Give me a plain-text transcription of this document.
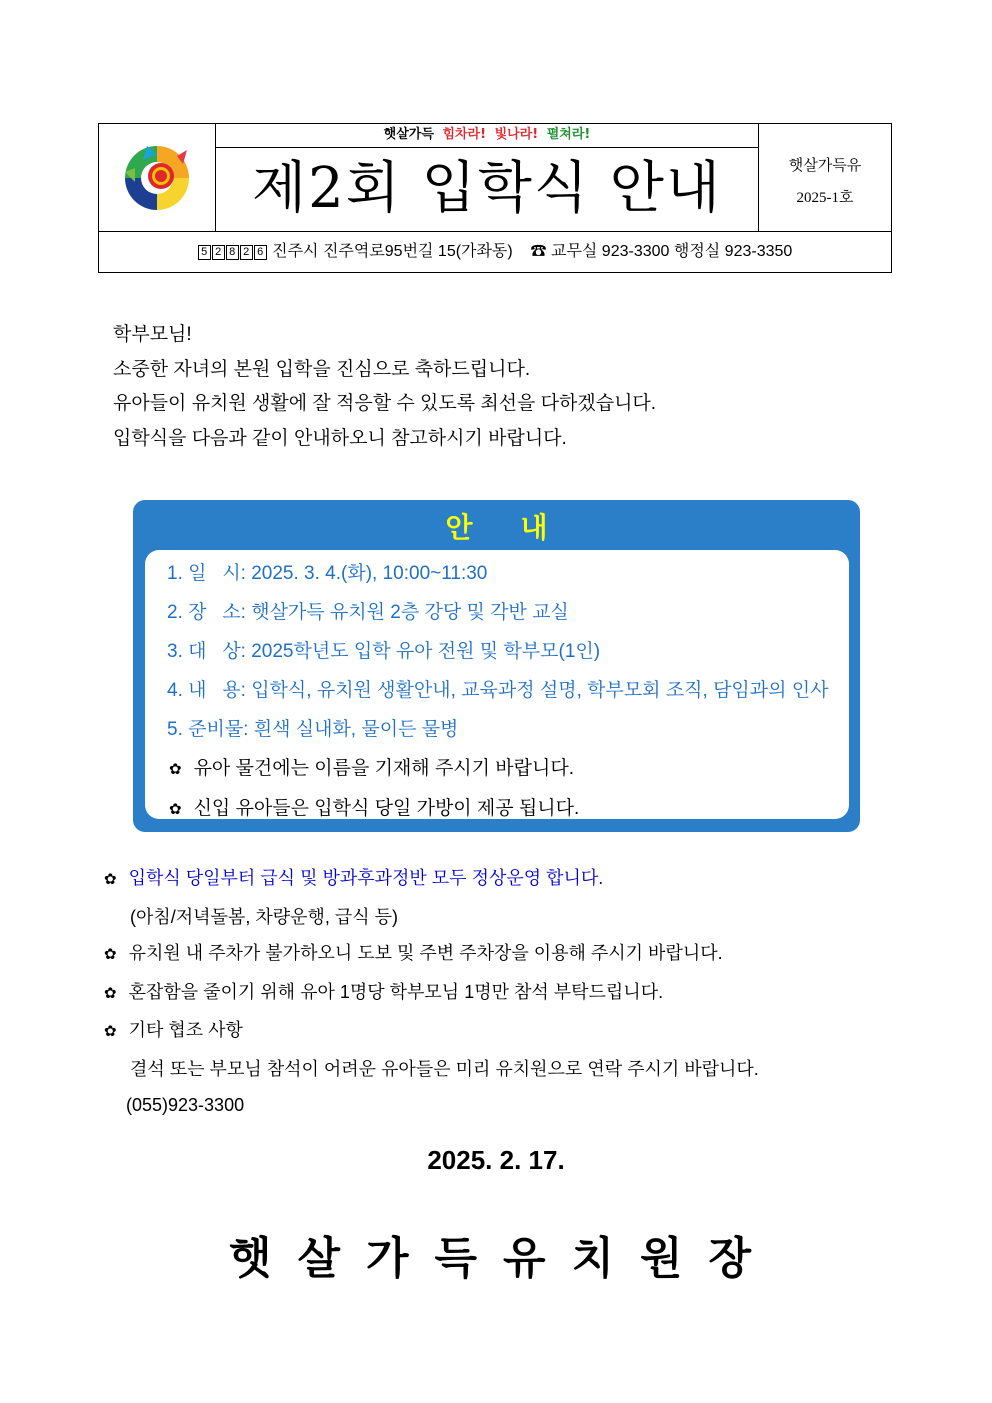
햇살가득 힘차라! 빛나라! 펼쳐라!
제2회 입학식 안내	햇살가득유
2025-1호
5 2 8 2 6 진주시 진주역로95번길 15(가좌동) ☎ 교무실 923-3300 행정실 923-3350

학부모님!

소중한 자녀의 본원 입학을 진심으로 축하드립니다.

유아들이 유치원 생활에 잘 적응할 수 있도록 최선을 다하겠습니다.

입학식을 다음과 같이 안내하오니 참고하시기 바랍니다.

안내
1. 일   시: 2025. 3. 4.(화), 10:00~11:30
2. 장   소: 햇살가득 유치원 2층 강당 및 각반 교실
3. 대   상: 2025학년도 입학 유아 전원 및 학부모(1인)
4. 내   용: 입학식, 유치원 생활안내, 교육과정 설명, 학부모회 조직, 담임과의 인사
5. 준비물: 흰색 실내화, 물이든 물병
✿ 유아 물건에는 이름을 기재해 주시기 바랍니다.
✿ 신입 유아들은 입학식 당일 가방이 제공 됩니다.
✿ 입학식 당일부터 급식 및 방과후과정반 모두 정상운영 합니다.
(아침/저녁돌봄, 차량운행, 급식 등)
✿ 유치원 내 주차가 불가하오니 도보 및 주변 주차장을 이용해 주시기 바랍니다.
✿ 혼잡함을 줄이기 위해 유아 1명당 학부모님 1명만 참석 부탁드립니다.
✿ 기타 협조 사항
결석 또는 부모님 참석이 어려운 유아들은 미리 유치원으로 연락 주시기 바랍니다.
(055)923-3300
2025. 2. 17.
햇살가득유치원장
